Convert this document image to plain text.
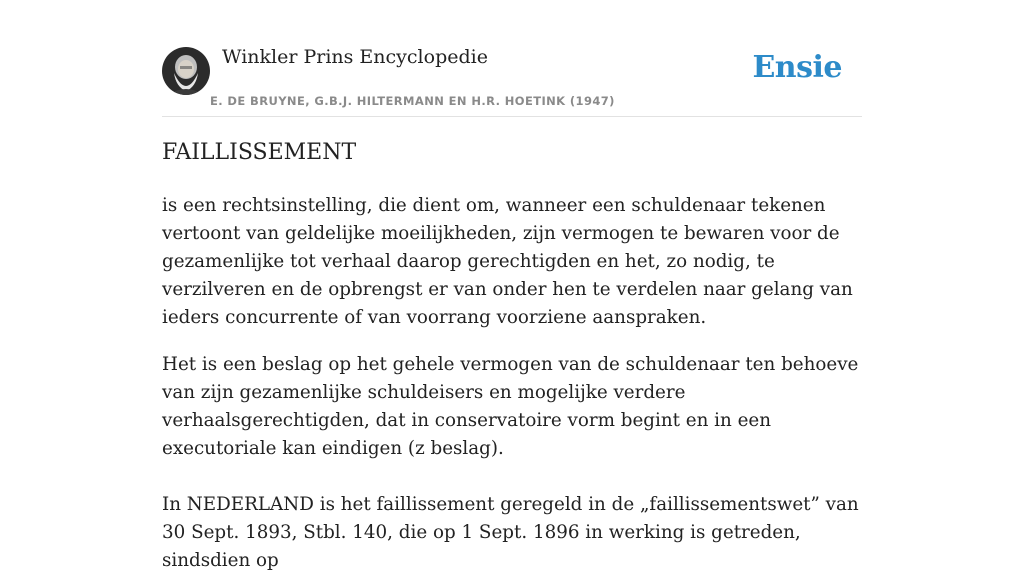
Winkler Prins Encyclopedie
E. DE BRUYNE, G.B.J. HILTERMANN EN H.R. HOETINK (1947)
Ensie
FAILLISSEMENT

is een rechtsinstelling, die dient om, wanneer een schuldenaar tekenen vertoont van geldelijke moeilijkheden, zijn vermogen te bewaren voor de gezamenlijke tot verhaal daarop gerechtigden en het, zo nodig, te verzilveren en de opbrengst er van onder hen te verdelen naar gelang van ieders concurrente of van voorrang voorziene aanspraken.

Het is een beslag op het gehele vermogen van de schuldenaar ten behoeve van zijn gezamenlijke schuldeisers en mogelijke verdere verhaalsgerechtigden, dat in conservatoire vorm begint en in een executoriale kan eindigen (z beslag).

In NEDERLAND is het faillissement geregeld in de „faillissementswet” van 30 Sept. 1893, Stbl. 140, die op 1 Sept. 1896 in werking is getreden, sindsdien op
